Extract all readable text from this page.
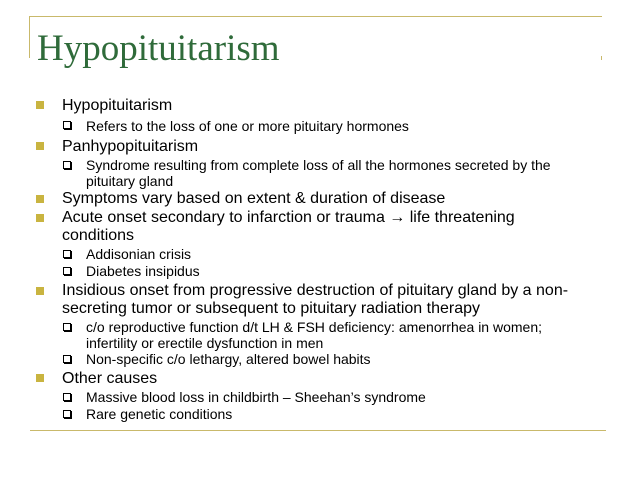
Hypopituitarism

Hypopituitarism

Refers to the loss of one or more pituitary hormones

Panhypopituitarism

Syndrome resulting from complete loss of all the hormones secreted by the pituitary gland

Symptoms vary based on extent & duration of disease

Acute onset secondary to infarction or trauma → life threatening conditions

Addisonian crisis

Diabetes insipidus

Insidious onset from progressive destruction of pituitary gland by a non-secreting tumor or subsequent to pituitary radiation therapy

c/o reproductive function d/t LH & FSH deficiency: amenorrhea in women; infertility or erectile dysfunction in men

Non-specific c/o lethargy, altered bowel habits

Other causes

Massive blood loss in childbirth – Sheehan’s syndrome

Rare genetic conditions
